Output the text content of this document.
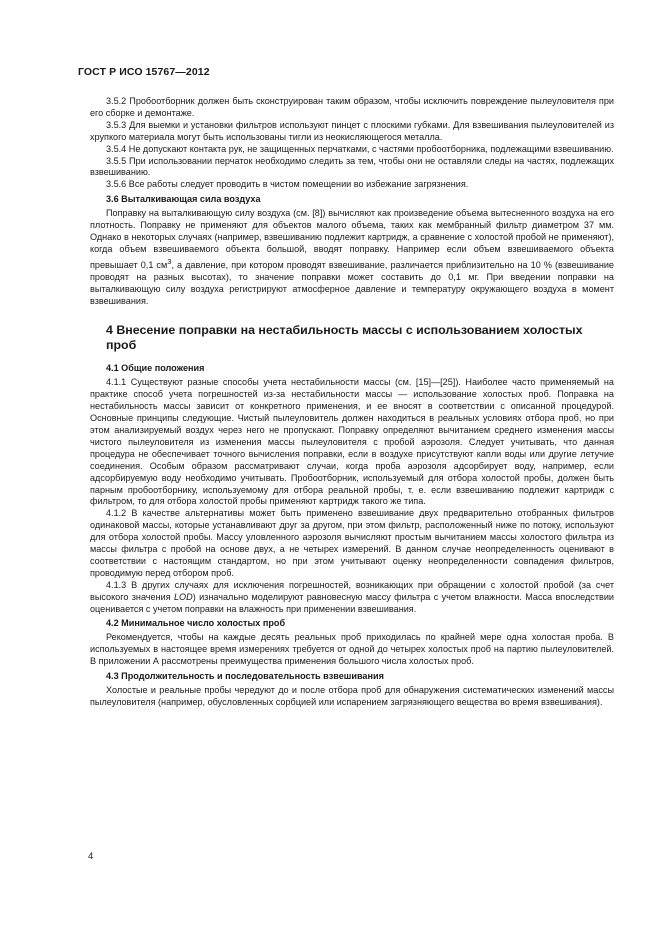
ГОСТ Р ИСО 15767—2012

3.5.2 Пробоотборник должен быть сконструирован таким образом, чтобы исключить повреждение пылеуловителя при его сборке и демонтаже.

3.5.3 Для выемки и установки фильтров используют пинцет с плоскими губками. Для взвешивания пылеуловителей из хрупкого материала могут быть использованы тигли из неокисляющегося металла.

3.5.4 Не допускают контакта рук, не защищенных перчатками, с частями пробоотборника, подлежащими взвешиванию.

3.5.5 При использовании перчаток необходимо следить за тем, чтобы они не оставляли следы на частях, подлежащих взвешиванию.

3.5.6 Все работы следует проводить в чистом помещении во избежание загрязнения.

3.6 Выталкивающая сила воздуха

Поправку на выталкивающую силу воздуха (см. [8]) вычисляют как произведение объема вытесненного воздуха на его плотность. Поправку не применяют для объектов малого объема, таких как мембранный фильтр диаметром 37 мм. Однако в некоторых случаях (например, взвешиванию подлежит картридж, а сравнение с холостой пробой не применяют), когда объем взвешиваемого объекта большой, вводят поправку. Например если объем взвешиваемого объекта превышает 0,1 $см^3$, а давление, при котором проводят взвешивание, различается приблизительно на 10 % (взвешивание проводят на разных высотах), то значение поправки может составить до 0,1 мг. При введении поправки на выталкивающую силу воздуха регистрируют атмосферное давление и температуру окружающего воздуха в момент взвешивания.

4 Внесение поправки на нестабильность массы с использованием холостых проб
4.1 Общие положения

4.1.1 Существуют разные способы учета нестабильности массы (см. [15]—[25]). Наиболее часто применяемый на практике способ учета погрешностей из-за нестабильности массы — использование холостых проб. Поправка на нестабильность массы зависит от конкретного применения, и ее вносят в соответствии с описанной процедурой. Основные принципы следующие. Чистый пылеуловитель должен находиться в реальных условиях отбора проб, но при этом анализируемый воздух через него не пропускают. Поправку определяют вычитанием среднего изменения массы чистого пылеуловителя из изменения массы пылеуловителя с пробой аэрозоля. Следует учитывать, что данная процедура не обеспечивает точного вычисления поправки, если в воздухе присутствуют капли воды или другие летучие соединения. Особым образом рассматривают случаи, когда проба аэрозоля адсорбирует воду, например, если адсорбируемую воду необходимо учитывать. Пробоотборник, используемый для отбора холостой пробы, должен быть парным пробоотборнику, используемому для отбора реальной пробы, т. е. если взвешиванию подлежит картридж с фильтром, то для отбора холостой пробы применяют картридж такого же типа.

4.1.2 В качестве альтернативы может быть применено взвешивание двух предварительно отобранных фильтров одинаковой массы, которые устанавливают друг за другом, при этом фильтр, расположенный ниже по потоку, используют для отбора холостой пробы. Массу уловленного аэрозоля вычисляют простым вычитанием массы холостого фильтра из массы фильтра с пробой на основе двух, а не четырех измерений. В данном случае неопределенность оценивают в соответствии с настоящим стандартом, но при этом учитывают оценку неопределенности совпадения фильтров, проводимую перед отбором проб.

4.1.3 В других случаях для исключения погрешностей, возникающих при обращении с холостой пробой (за счет высокого значения LOD) изначально моделируют равновесную массу фильтра с учетом влажности. Масса впоследствии оценивается с учетом поправки на влажность при применении взвешивания.

4.2 Минимальное число холостых проб

Рекомендуется, чтобы на каждые десять реальных проб приходилась по крайней мере одна холостая проба. В используемых в настоящее время измерениях требуется от одной до четырех холостых проб на партию пылеуловителей. В приложении А рассмотрены преимущества применения большого числа холостых проб.

4.3 Продолжительность и последовательность взвешивания

Холостые и реальные пробы чередуют до и после отбора проб для обнаружения систематических изменений массы пылеуловителя (например, обусловленных сорбцией или испарением загрязняющего вещества во время взвешивания).

4
